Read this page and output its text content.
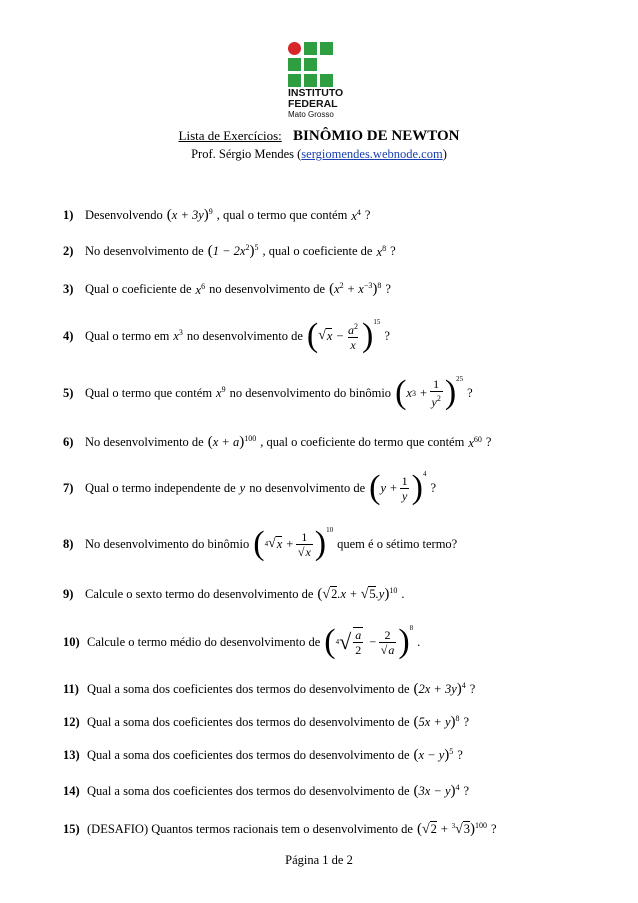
INSTITUTO
FEDERAL
Mato Grosso
Lista de Exercícios: BINÔMIO DE NEWTON
Prof. Sérgio Mendes (sergiomendes.webnode.com)
1) Desenvolvendo $(x + 3y)^9$ , qual o termo que contém $x^4$ ?
2) No desenvolvimento de $(1 - 2x^2)^5$ , qual o coeficiente de $x^8$ ?
3) Qual o coeficiente de $x^6$ no desenvolvimento de $(x^2 + x^{-3})^8$ ?
4) Qual o termo em $x^3$ no desenvolvimento de ( √ $x - \frac{a^2}{x}$ ) 15
?
5) Qual o termo que contém $x^9$ no desenvolvimento do binômio ( x $3 + \frac{1}{y^2}$ ) 25
?
6) No desenvolvimento de $(x + a)^{100}$ , qual o coeficiente do termo que contém $x^{60}$ ?
7) Qual o termo independente de y no desenvolvimento de ( $y + \frac{1}{y}$ ) 4
?
8) No desenvolvimento do binômio ( 4 √ $x + \frac{1}{√x}$ ) 10
quem é o sétimo termo?
9) Calcule o sexto termo do desenvolvimento de $(√2.x + √5.y)^{10}$ .
10) Calcule o termo médio do desenvolvimento de ( 4 √ $\frac{a}{2} - \frac{2}{√a}$ ) 8
.
11) Qual a soma dos coeficientes dos termos do desenvolvimento de $(2x + 3y)^4$ ?
12) Qual a soma dos coeficientes dos termos do desenvolvimento de $(5x + y)^8$ ?
13) Qual a soma dos coeficientes dos termos do desenvolvimento de $(x - y)^5$ ?
14) Qual a soma dos coeficientes dos termos do desenvolvimento de $(3x - y)^4$ ?
15) (DESAFIO) Quantos termos racionais tem o desenvolvimento de $(√2 + ^3√3)^{100}$ ?
Página 1 de 2
